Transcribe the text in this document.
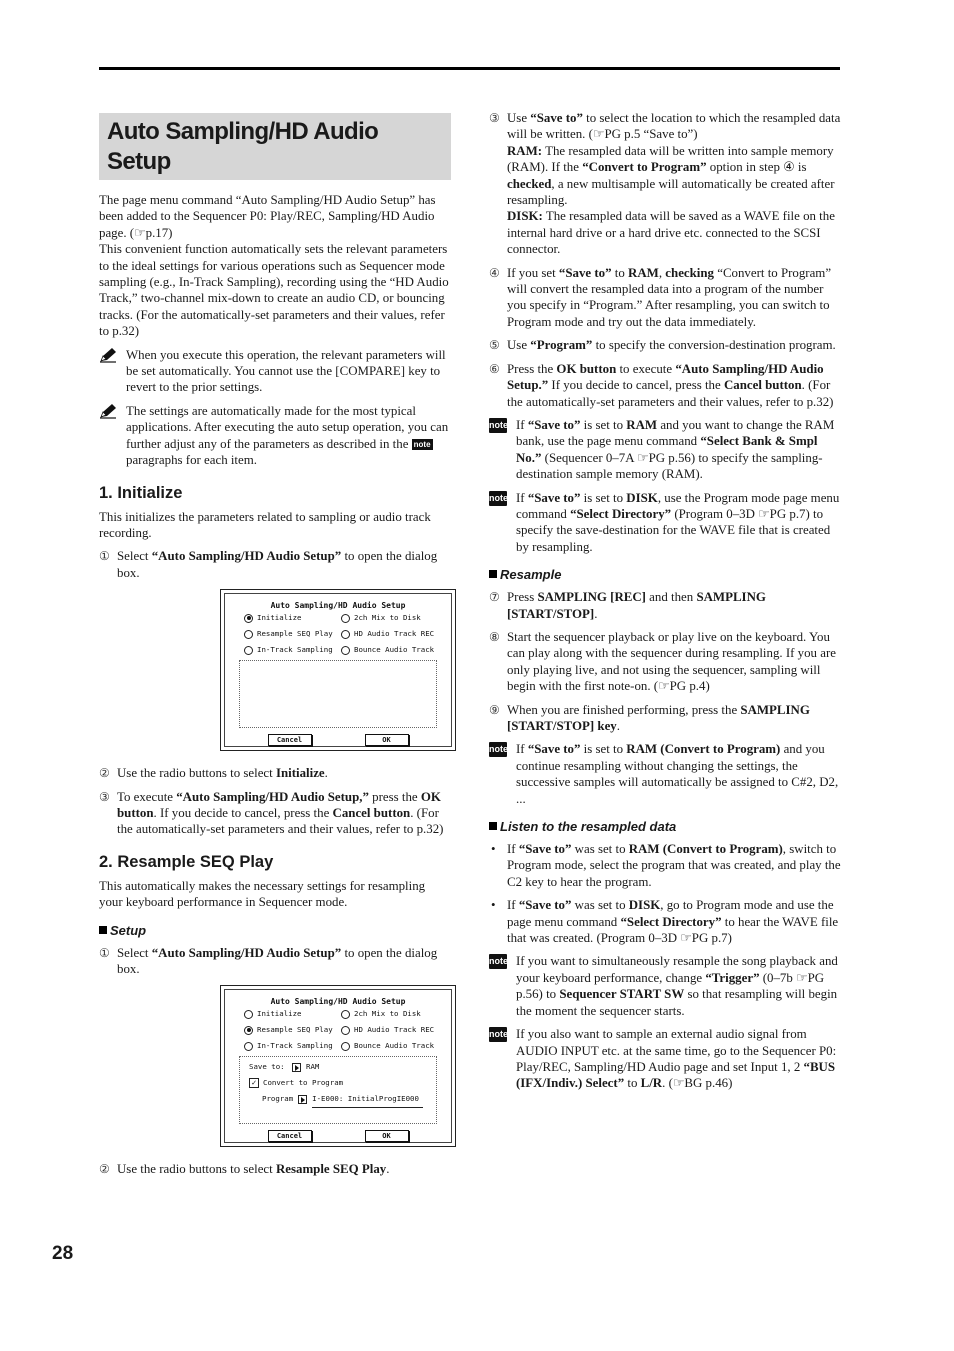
Auto Sampling/HD Audio Setup

The page menu command “Auto Sampling/HD Audio Setup” has been added to the Sequencer P0: Play/REC, Sampling/HD Audio page. (☞p.17)

This convenient function automatically sets the relevant parameters to the ideal settings for various operations such as Sequencer mode sampling (e.g., In-Track Sampling), recording using the “HD Audio Track,” two-channel mix-down to create an audio CD, or bouncing tracks. (For the automatically-set parameters and their values, refer to p.32)

When you execute this operation, the relevant parameters will be set automatically. You cannot use the [COMPARE] key to revert to the prior settings.
The settings are automatically made for the most typical applications. After executing the auto setup operation, you can further adjust any of the parameters as described in the note paragraphs for each item.
1. Initialize

This initializes the parameters related to sampling or audio track recording.

① Select “Auto Sampling/HD Audio Setup” to open the dialog box.
Auto Sampling/HD Audio Setup
Initialize	2ch Mix to Disk
Resample SEQ Play	HD Audio Track REC
In-Track Sampling	Bounce Audio Track
Cancel	OK
② Use the radio buttons to select Initialize.
③ To execute “Auto Sampling/HD Audio Setup,” press the OK button. If you decide to cancel, press the Cancel button. (For the automatically-set parameters and their values, refer to p.32)
2. Resample SEQ Play

This automatically makes the necessary settings for resampling your keyboard performance in Sequencer mode.

Setup
① Select “Auto Sampling/HD Audio Setup” to open the dialog box.
Auto Sampling/HD Audio Setup
Initialize	2ch Mix to Disk
Resample SEQ Play	HD Audio Track REC
In-Track Sampling	Bounce Audio Track
Save to:	RAM
✓ Convert to Program
Program	I-E000: InitialProgIE000
Cancel	OK
② Use the radio buttons to select Resample SEQ Play.
③ Use “Save to” to select the location to which the resampled data will be written. (☞PG p.5 “Save to”)
RAM: The resampled data will be written into sample memory (RAM). If the “Convert to Program” option in step ④ is checked, a new multisample will automatically be created after resampling.
DISK: The resampled data will be saved as a WAVE file on the internal hard drive or a hard drive etc. connected to the SCSI connector.
④ If you set “Save to” to RAM, checking “Convert to Program” will convert the resampled data into a program of the number you specify in “Program.” After resampling, you can switch to Program mode and try out the data immediately.
⑤ Use “Program” to specify the conversion-destination program.
⑥ Press the OK button to execute “Auto Sampling/HD Audio Setup.” If you decide to cancel, press the Cancel button. (For the automatically-set parameters and their values, refer to p.32)
note If “Save to” is set to RAM and you want to change the RAM bank, use the page menu command “Select Bank & Smpl No.” (Sequencer 0–7A ☞PG p.56) to specify the sampling-destination sample memory (RAM).
note If “Save to” is set to DISK, use the Program mode page menu command “Select Directory” (Program 0–3D ☞PG p.7) to specify the save-destination for the WAVE file that is created by resampling.
Resample
⑦ Press SAMPLING [REC] and then SAMPLING [START/STOP].
⑧ Start the sequencer playback or play live on the keyboard. You can play along with the sequencer during resampling. If you are only playing live, and not using the sequencer, sampling will begin with the first note-on. (☞PG p.4)
⑨ When you are finished performing, press the SAMPLING [START/STOP] key.
note If “Save to” is set to RAM (Convert to Program) and you continue resampling without changing the settings, the successive samples will automatically be assigned to C#2, D2, ...
Listen to the resampled data
• If “Save to” was set to RAM (Convert to Program), switch to Program mode, select the program that was created, and play the C2 key to hear the program.
• If “Save to” was set to DISK, go to Program mode and use the page menu command “Select Directory” to hear the WAVE file that was created. (Program 0–3D ☞PG p.7)
note If you want to simultaneously resample the song playback and your keyboard performance, change “Trigger” (0–7b ☞PG p.56) to Sequencer START SW so that resampling will begin the moment the sequencer starts.
note If you also want to sample an external audio signal from AUDIO INPUT etc. at the same time, go to the Sequencer P0: Play/REC, Sampling/HD Audio page and set Input 1, 2 “BUS (IFX/Indiv.) Select” to L/R. (☞BG p.46)
28
